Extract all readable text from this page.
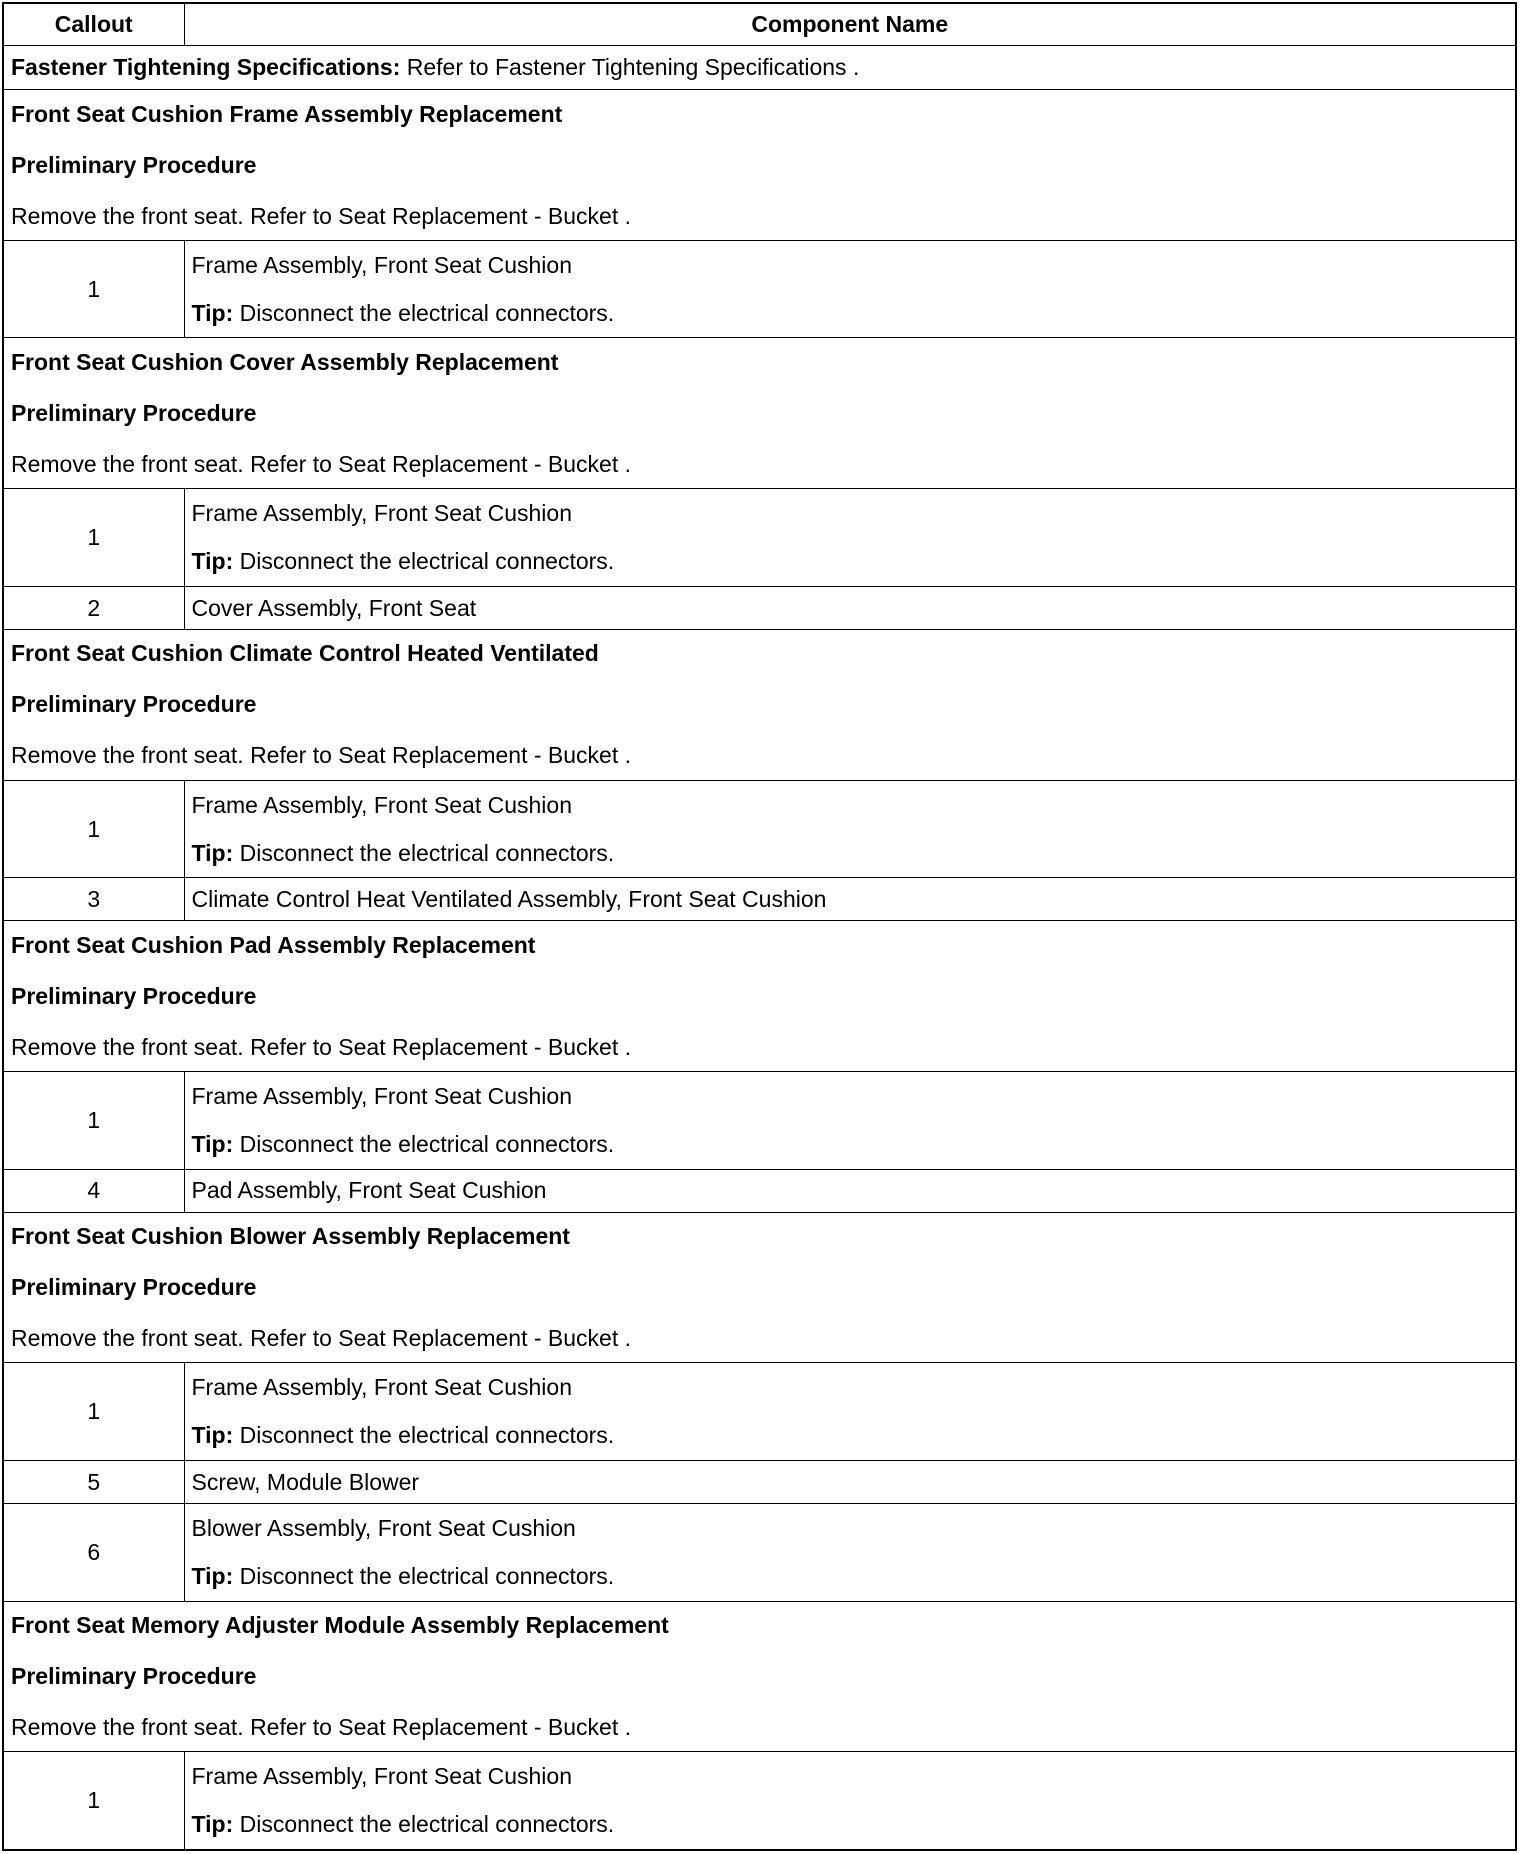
Callout	Component Name
Fastener Tightening Specifications: Refer to Fastener Tightening Specifications .	

Front Seat Cushion Frame Assembly Replacement
Preliminary Procedure
Remove the front seat. Refer to Seat Replacement - Bucket .	

1	Frame Assembly, Front Seat Cushion
Tip:
Disconnect the electrical connectors.

Front Seat Cushion Cover Assembly Replacement
Preliminary Procedure
Remove the front seat. Refer to Seat Replacement - Bucket .	

1	Frame Assembly, Front Seat Cushion
Tip:
Disconnect the electrical connectors.

2	Cover Assembly, Front Seat

Front Seat Cushion Climate Control Heated Ventilated
Preliminary Procedure
Remove the front seat. Refer to Seat Replacement - Bucket .	

1	Frame Assembly, Front Seat Cushion
Tip:
Disconnect the electrical connectors.

3	Climate Control Heat Ventilated Assembly, Front Seat Cushion

Front Seat Cushion Pad Assembly Replacement
Preliminary Procedure
Remove the front seat. Refer to Seat Replacement - Bucket .	

1	Frame Assembly, Front Seat Cushion
Tip:
Disconnect the electrical connectors.

4	Pad Assembly, Front Seat Cushion

Front Seat Cushion Blower Assembly Replacement
Preliminary Procedure
Remove the front seat. Refer to Seat Replacement - Bucket .	

1	Frame Assembly, Front Seat Cushion
Tip:
Disconnect the electrical connectors.

5	Screw, Module Blower
6	Blower Assembly, Front Seat Cushion
Tip:
Disconnect the electrical connectors.

Front Seat Memory Adjuster Module Assembly Replacement
Preliminary Procedure
Remove the front seat. Refer to Seat Replacement - Bucket .	

1	Frame Assembly, Front Seat Cushion
Tip:
Disconnect the electrical connectors.
